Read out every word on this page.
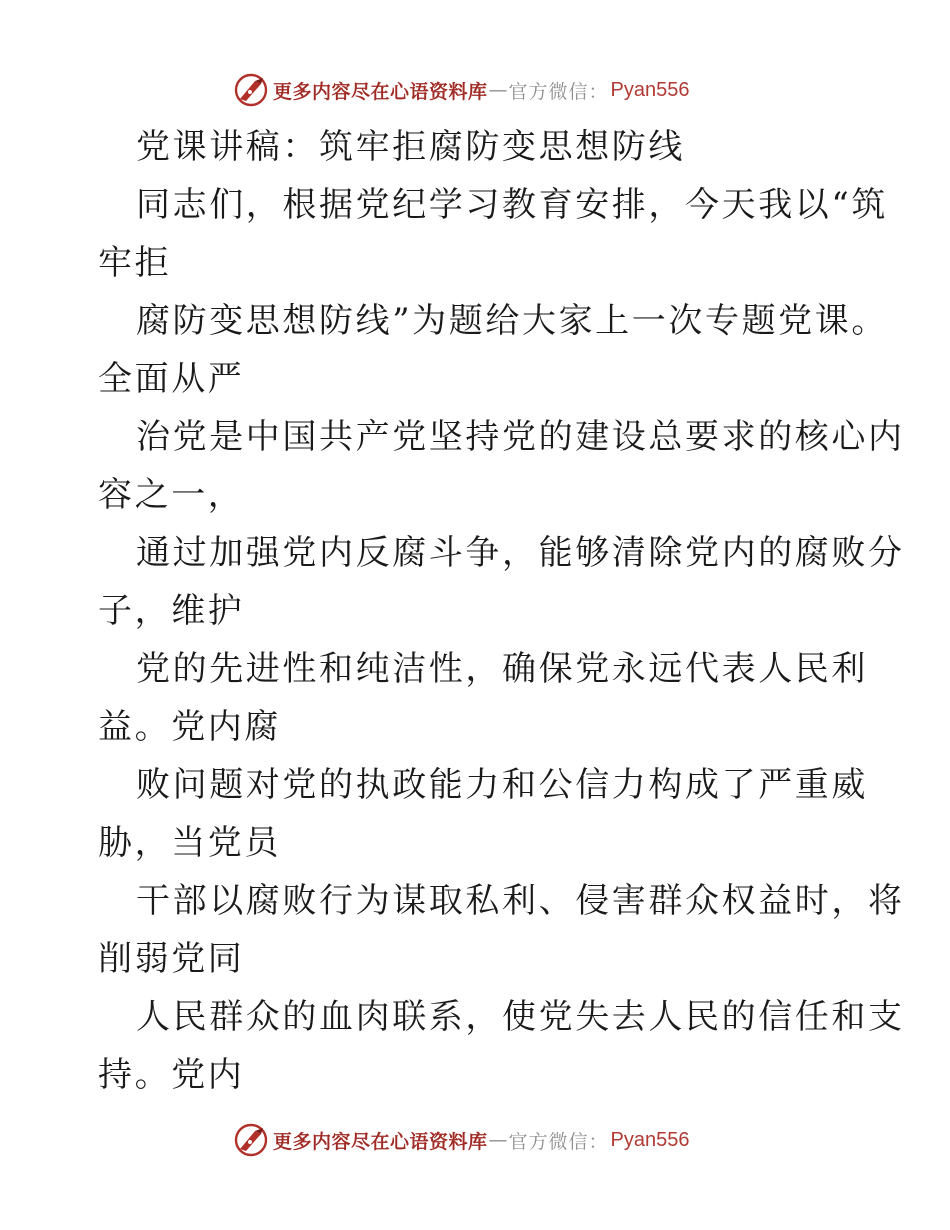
更多内容尽在心语资料库 — 官方微信： Pyan556
党课讲稿：筑牢拒腐防变思想防线
同志们，根据党纪学习教育安排，今天我以“筑
牢拒
腐防变思想防线”为题给大家上一次专题党课。
全面从严
治党是中国共产党坚持党的建设总要求的核心内
容之一，
通过加强党内反腐斗争，能够清除党内的腐败分
子，维护
党的先进性和纯洁性，确保党永远代表人民利
益。党内腐
败问题对党的执政能力和公信力构成了严重威
胁，当党员
干部以腐败行为谋取私利、侵害群众权益时，将
削弱党同
人民群众的血肉联系，使党失去人民的信任和支
持。党内
更多内容尽在心语资料库 — 官方微信： Pyan556
